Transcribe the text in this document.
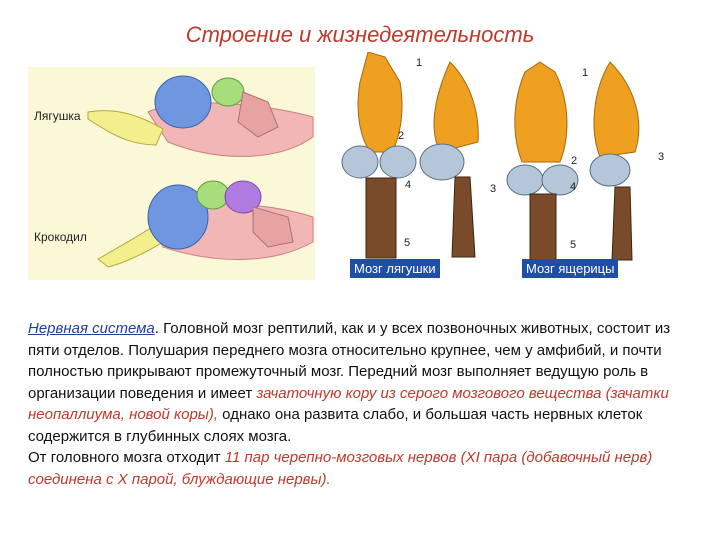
Строение и жизнедеятельность
Лягушка
Крокодил
1
2
3
4
5
1
2	3
4
5
Мозг лягушки	Мозг ящерицы
Нервная система. Головной мозг рептилий, как и у всех позвоночных животных, состоит из пяти отделов. Полушария переднего мозга относительно крупнее, чем у амфибий, и почти полностью прикрывают промежуточный мозг. Передний мозг выполняет ведущую роль в организации поведения и имеет зачаточную кору из серого мозгового вещества (зачатки неопаллиума, новой коры), однако она развита слабо, и большая часть нервных клеток содержится в глубинных слоях мозга.
От головного мозга отходит 11 пар черепно-мозговых нервов (XI пара (добавочный нерв) соединена с X парой, блуждающие нервы).
